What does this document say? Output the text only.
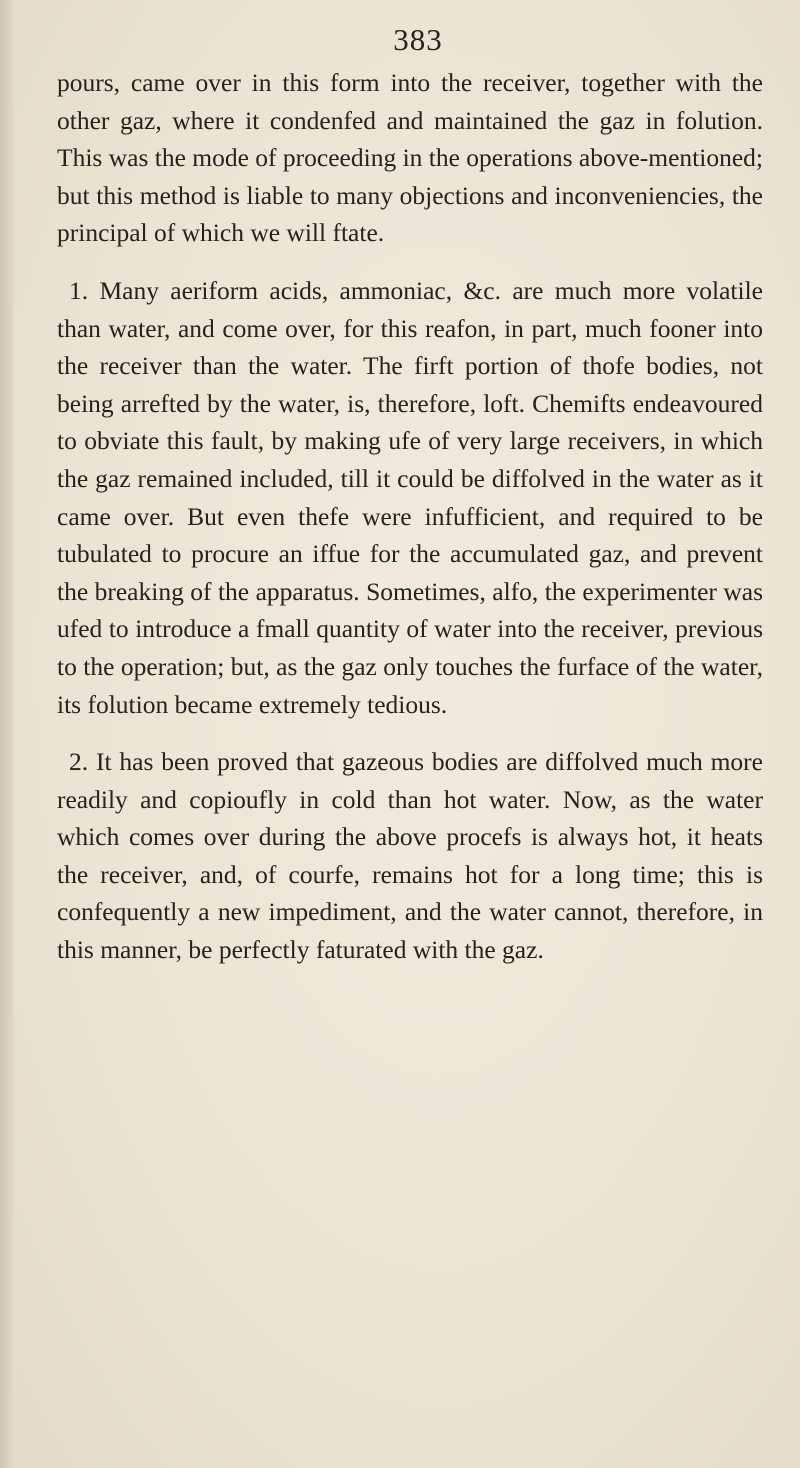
383

pours, came over in this form into the receiver, together with the other gaz, where it condenfed and maintained the gaz in folution. This was the mode of proceeding in the operations above-mentioned; but this method is liable to many objections and inconveniencies, the principal of which we will ftate.

1. Many aeriform acids, ammoniac, &c. are much more volatile than water, and come over, for this reafon, in part, much fooner into the receiver than the water. The firft portion of thofe bodies, not being arrefted by the water, is, therefore, loft. Chemifts endeavoured to obviate this fault, by making ufe of very large receivers, in which the gaz remained included, till it could be diffolved in the water as it came over. But even thefe were infufficient, and required to be tubulated to procure an iffue for the accumulated gaz, and prevent the breaking of the apparatus. Sometimes, alfo, the experimenter was ufed to introduce a fmall quantity of water into the receiver, previous to the operation; but, as the gaz only touches the furface of the water, its folution became extremely tedious.

2. It has been proved that gazeous bodies are diffolved much more readily and copioufly in cold than hot water. Now, as the water which comes over during the above procefs is always hot, it heats the receiver, and, of courfe, remains hot for a long time; this is confequently a new impediment, and the water cannot, therefore, in this manner, be perfectly faturated with the gaz.
